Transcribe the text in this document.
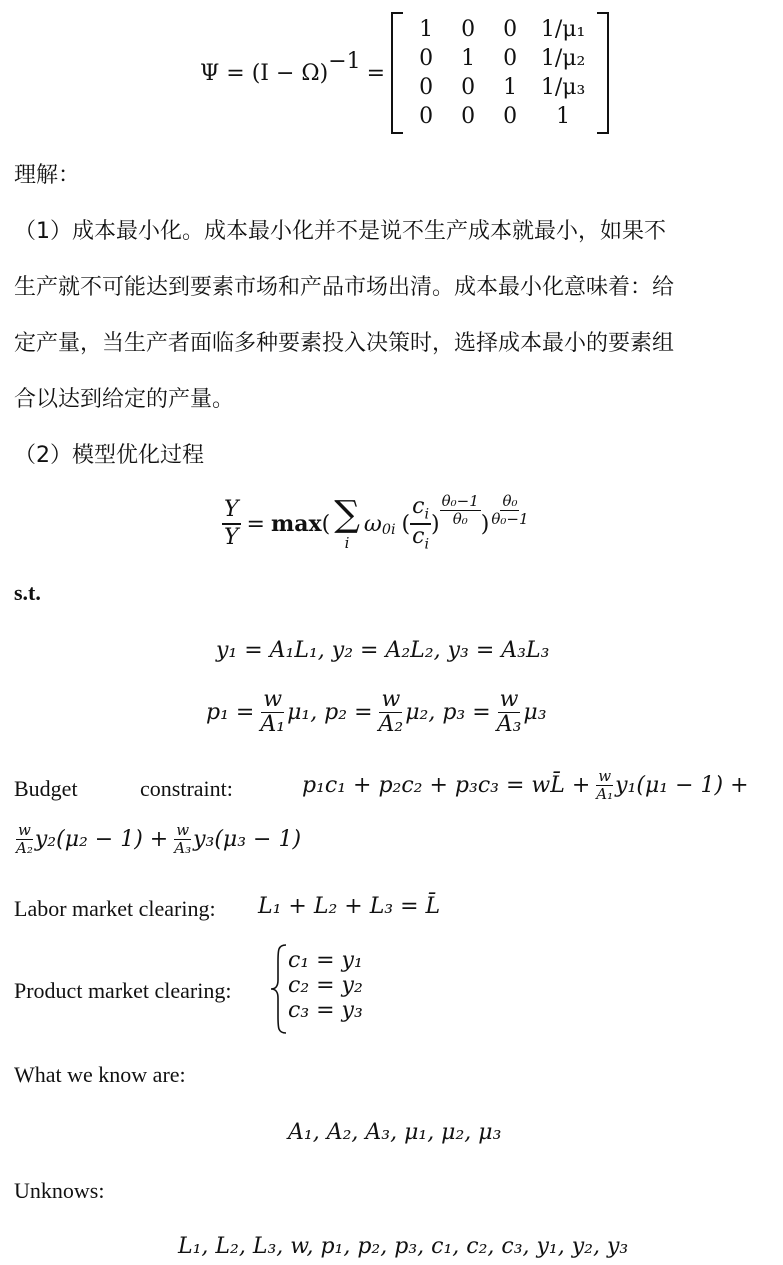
$\Psi = (I - \Omega)^{-1}$ =
1	0	0	1/μ₁
0	1	0	1/μ₂
0	0	1	1/μ₃
0	0	0	1
理解：
（1）成本最小化。成本最小化并不是说不生产成本就最小，如果不
生产就不可能达到要素市场和产品市场出清。成本最小化意味着：给
定产量，当生产者面临多种要素投入决策时，选择成本最小的要素组
合以达到给定的产量。
（2）模型优化过程
$\frac{Y}{Y} = \max$ ( ∑
i
$\omega_{0i}$ ( $\frac{c_i}{c_i}$ ) $\frac{\text{θ₀−1}}{\text{θ₀}}$ ) $\frac{\text{θ₀}}{\text{θ₀−1}}$
s.t.
y₁ = A₁L₁, y₂ = A₂L₂, y₃ = A₃L₃
$p_1 = \frac{w}{\text{A₁}} \mu_1$ , $p_2 = \frac{w}{\text{A₂}} \mu_2$ , $p_3 = \frac{w}{\text{A₃}} \mu_3$
Budget	constraint:	p₁c₁ + p₂c₂ + p₃c₃ = wL̄ + $\frac{w}{\text{A₁}} y_1(\mu_1 - 1)$ +
$\frac{w}{\text{A₂}} y_2(\mu_2 - 1) + \frac{w}{\text{A₃}} y_3(\mu_3 - 1)$
Labor market clearing: L₁ + L₂ + L₃ = L̄
Product market clearing:
c₁ = y₁
c₂ = y₂
c₃ = y₃
What we know are:
A₁, A₂, A₃, μ₁, μ₂, μ₃
Unknows:
L₁, L₂, L₃, w, p₁, p₂, p₃, c₁, c₂, c₃, y₁, y₂, y₃
